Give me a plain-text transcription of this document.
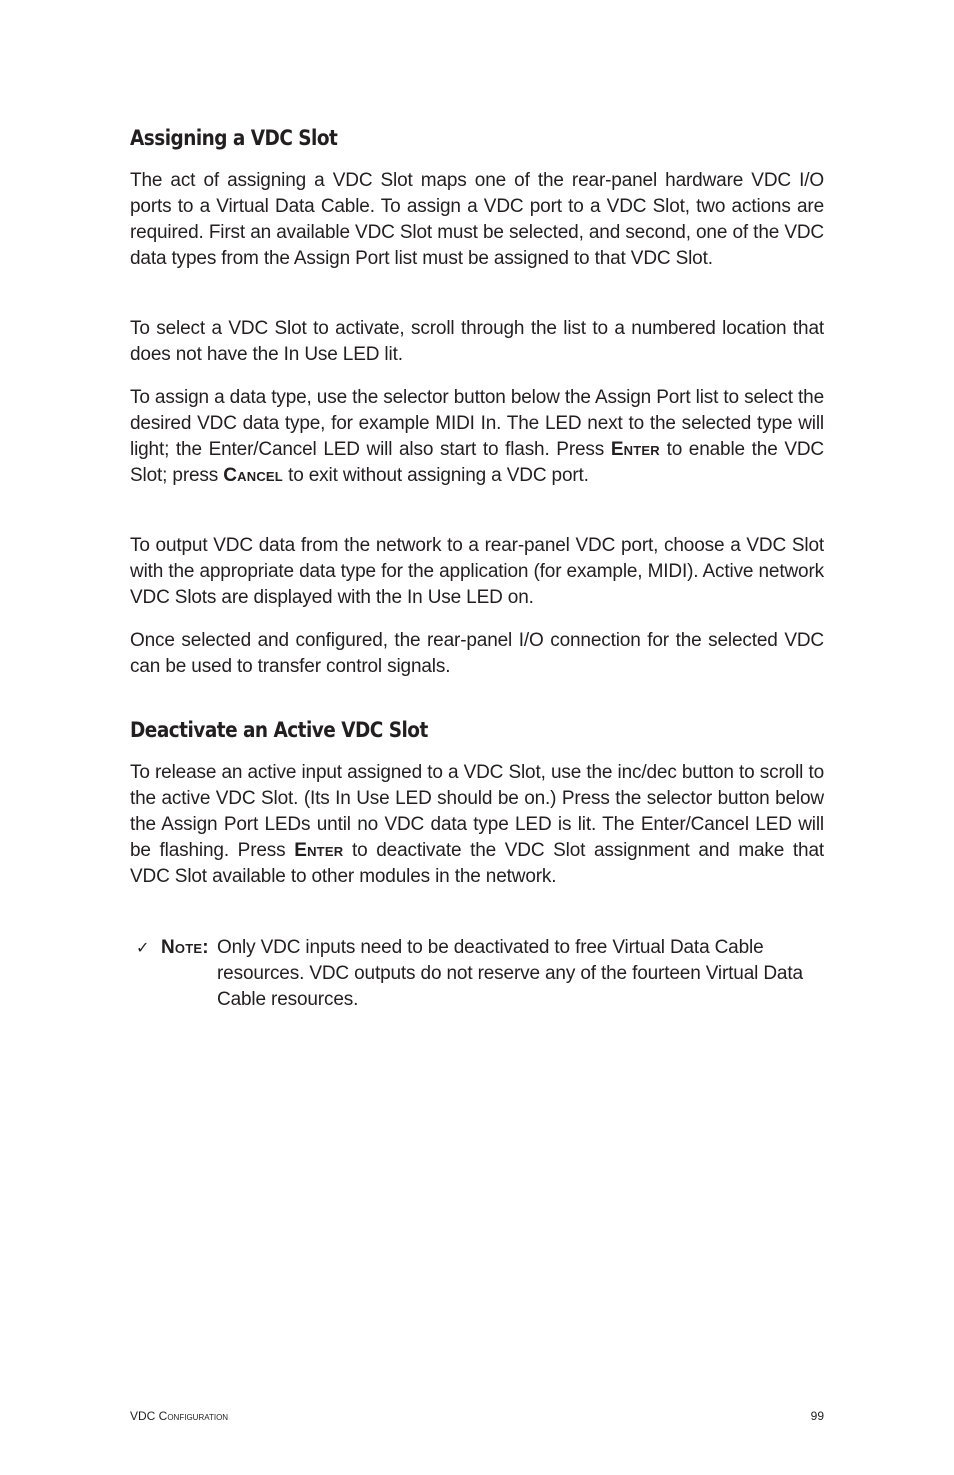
Assigning a VDC Slot

The act of assigning a VDC Slot maps one of the rear-panel hardware VDC I/O ports to a Virtual Data Cable. To assign a VDC port to a VDC Slot, two actions are required. First an available VDC Slot must be selected, and second, one of the VDC data types from the Assign Port list must be assigned to that VDC Slot.

To select a VDC Slot to activate, scroll through the list to a numbered location that does not have the In Use LED lit.

To assign a data type, use the selector button below the Assign Port list to select the desired VDC data type, for example MIDI In. The LED next to the selected type will light; the Enter/Cancel LED will also start to flash. Press Enter to enable the VDC Slot; press Cancel to exit without assigning a VDC port.

To output VDC data from the network to a rear-panel VDC port, choose a VDC Slot with the appropriate data type for the application (for example, MIDI). Active network VDC Slots are displayed with the In Use LED on.

Once selected and configured, the rear-panel I/O connection for the selected VDC can be used to transfer control signals.

Deactivate an Active VDC Slot

To release an active input assigned to a VDC Slot, use the inc/dec button to scroll to the active VDC Slot. (Its In Use LED should be on.) Press the selector button below the Assign Port LEDs until no VDC data type LED is lit. The Enter/Cancel LED will be flashing. Press Enter to deactivate the VDC Slot assignment and make that VDC Slot available to other modules in the network.

✓ Note: Only VDC inputs need to be deactivated to free Virtual Data Cable resources. VDC outputs do not reserve any of the fourteen Virtual Data Cable resources.
VDC Configuration	99
